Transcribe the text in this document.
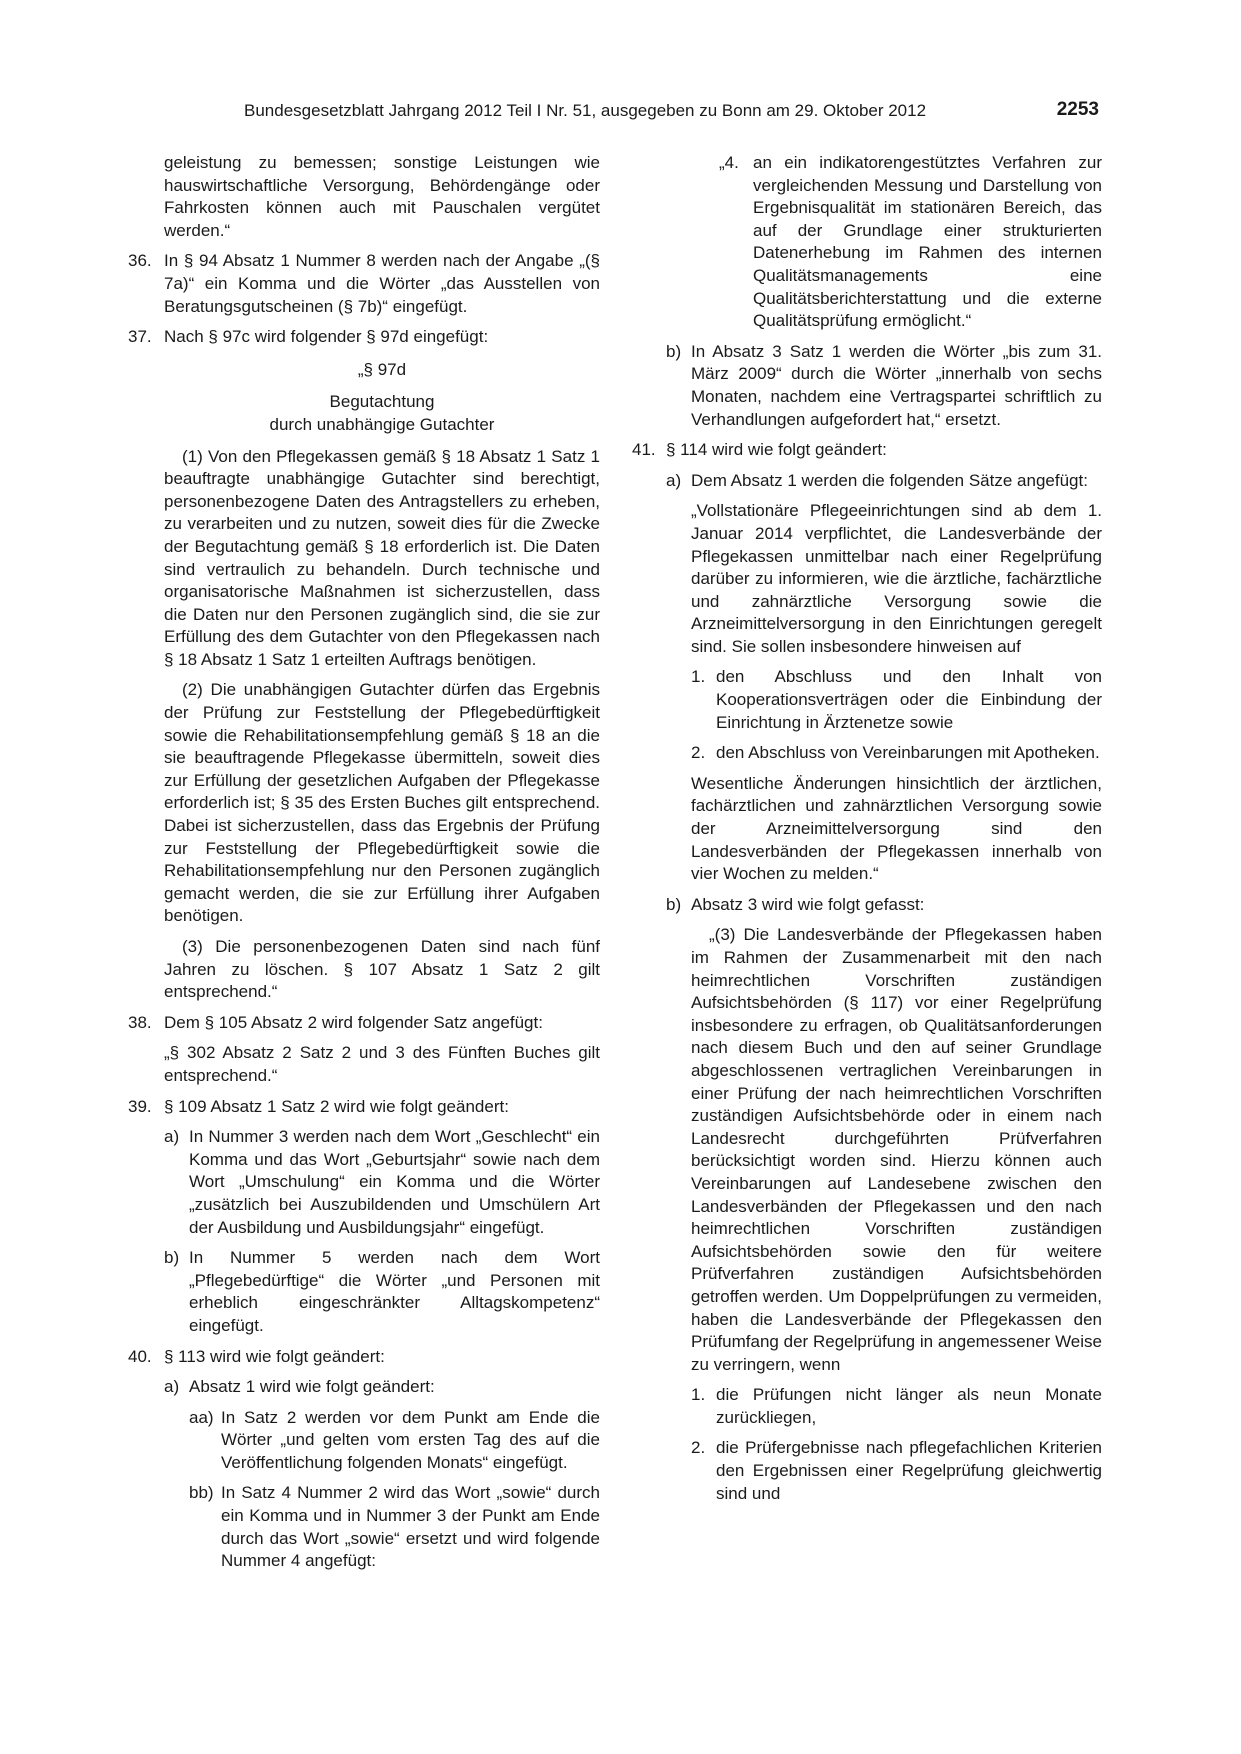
Bundesgesetzblatt Jahrgang 2012 Teil I Nr. 51, ausgegeben zu Bonn am 29. Oktober 2012	2253

geleistung zu bemessen; sonstige Leistungen wie hauswirtschaftliche Versorgung, Behördengänge oder Fahrkosten können auch mit Pauschalen vergütet werden.“

36. In § 94 Absatz 1 Nummer 8 werden nach der Angabe „(§ 7a)“ ein Komma und die Wörter „das Ausstellen von Beratungsgutscheinen (§ 7b)“ eingefügt.

37. Nach § 97c wird folgender § 97d eingefügt:

„§ 97d

Begutachtung

durch unabhängige Gutachter

(1) Von den Pflegekassen gemäß § 18 Absatz 1 Satz 1 beauftragte unabhängige Gutachter sind berechtigt, personenbezogene Daten des Antragstellers zu erheben, zu verarbeiten und zu nutzen, soweit dies für die Zwecke der Begutachtung gemäß § 18 erforderlich ist. Die Daten sind vertraulich zu behandeln. Durch technische und organisatorische Maßnahmen ist sicherzustellen, dass die Daten nur den Personen zugänglich sind, die sie zur Erfüllung des dem Gutachter von den Pflegekassen nach § 18 Absatz 1 Satz 1 erteilten Auftrags benötigen.

(2) Die unabhängigen Gutachter dürfen das Ergebnis der Prüfung zur Feststellung der Pflegebedürftigkeit sowie die Rehabilitationsempfehlung gemäß § 18 an die sie beauftragende Pflegekasse übermitteln, soweit dies zur Erfüllung der gesetzlichen Aufgaben der Pflegekasse erforderlich ist; § 35 des Ersten Buches gilt entsprechend. Dabei ist sicherzustellen, dass das Ergebnis der Prüfung zur Feststellung der Pflegebedürftigkeit sowie die Rehabilitationsempfehlung nur den Personen zugänglich gemacht werden, die sie zur Erfüllung ihrer Aufgaben benötigen.

(3) Die personenbezogenen Daten sind nach fünf Jahren zu löschen. § 107 Absatz 1 Satz 2 gilt entsprechend.“

38. Dem § 105 Absatz 2 wird folgender Satz angefügt:

„§ 302 Absatz 2 Satz 2 und 3 des Fünften Buches gilt entsprechend.“

39. § 109 Absatz 1 Satz 2 wird wie folgt geändert:

a) In Nummer 3 werden nach dem Wort „Geschlecht“ ein Komma und das Wort „Geburtsjahr“ sowie nach dem Wort „Umschulung“ ein Komma und die Wörter „zusätzlich bei Auszubildenden und Umschülern Art der Ausbildung und Ausbildungsjahr“ eingefügt.

b) In Nummer 5 werden nach dem Wort „Pflegebedürftige“ die Wörter „und Personen mit erheblich eingeschränkter Alltagskompetenz“ eingefügt.

40. § 113 wird wie folgt geändert:

a) Absatz 1 wird wie folgt geändert:

aa) In Satz 2 werden vor dem Punkt am Ende die Wörter „und gelten vom ersten Tag des auf die Veröffentlichung folgenden Monats“ eingefügt.

bb) In Satz 4 Nummer 2 wird das Wort „sowie“ durch ein Komma und in Nummer 3 der Punkt am Ende durch das Wort „sowie“ ersetzt und wird folgende Nummer 4 angefügt:

„4. an ein indikatorengestütztes Verfahren zur vergleichenden Messung und Darstellung von Ergebnisqualität im stationären Bereich, das auf der Grundlage einer strukturierten Datenerhebung im Rahmen des internen Qualitätsmanagements eine Qualitätsberichterstattung und die externe Qualitätsprüfung ermöglicht.“

b) In Absatz 3 Satz 1 werden die Wörter „bis zum 31. März 2009“ durch die Wörter „innerhalb von sechs Monaten, nachdem eine Vertragspartei schriftlich zu Verhandlungen aufgefordert hat,“ ersetzt.

41. § 114 wird wie folgt geändert:

a) Dem Absatz 1 werden die folgenden Sätze angefügt:

„Vollstationäre Pflegeeinrichtungen sind ab dem 1. Januar 2014 verpflichtet, die Landesverbände der Pflegekassen unmittelbar nach einer Regelprüfung darüber zu informieren, wie die ärztliche, fachärztliche und zahnärztliche Versorgung sowie die Arzneimittelversorgung in den Einrichtungen geregelt sind. Sie sollen insbesondere hinweisen auf

1. den Abschluss und den Inhalt von Kooperationsverträgen oder die Einbindung der Einrichtung in Ärztenetze sowie

2. den Abschluss von Vereinbarungen mit Apotheken.

Wesentliche Änderungen hinsichtlich der ärztlichen, fachärztlichen und zahnärztlichen Versorgung sowie der Arzneimittelversorgung sind den Landesverbänden der Pflegekassen innerhalb von vier Wochen zu melden.“

b) Absatz 3 wird wie folgt gefasst:

„(3) Die Landesverbände der Pflegekassen haben im Rahmen der Zusammenarbeit mit den nach heimrechtlichen Vorschriften zuständigen Aufsichtsbehörden (§ 117) vor einer Regelprüfung insbesondere zu erfragen, ob Qualitätsanforderungen nach diesem Buch und den auf seiner Grundlage abgeschlossenen vertraglichen Vereinbarungen in einer Prüfung der nach heimrechtlichen Vorschriften zuständigen Aufsichtsbehörde oder in einem nach Landesrecht durchgeführten Prüfverfahren berücksichtigt worden sind. Hierzu können auch Vereinbarungen auf Landesebene zwischen den Landesverbänden der Pflegekassen und den nach heimrechtlichen Vorschriften zuständigen Aufsichtsbehörden sowie den für weitere Prüfverfahren zuständigen Aufsichtsbehörden getroffen werden. Um Doppelprüfungen zu vermeiden, haben die Landesverbände der Pflegekassen den Prüfumfang der Regelprüfung in angemessener Weise zu verringern, wenn

1. die Prüfungen nicht länger als neun Monate zurückliegen,

2. die Prüfergebnisse nach pflegefachlichen Kriterien den Ergebnissen einer Regelprüfung gleichwertig sind und
